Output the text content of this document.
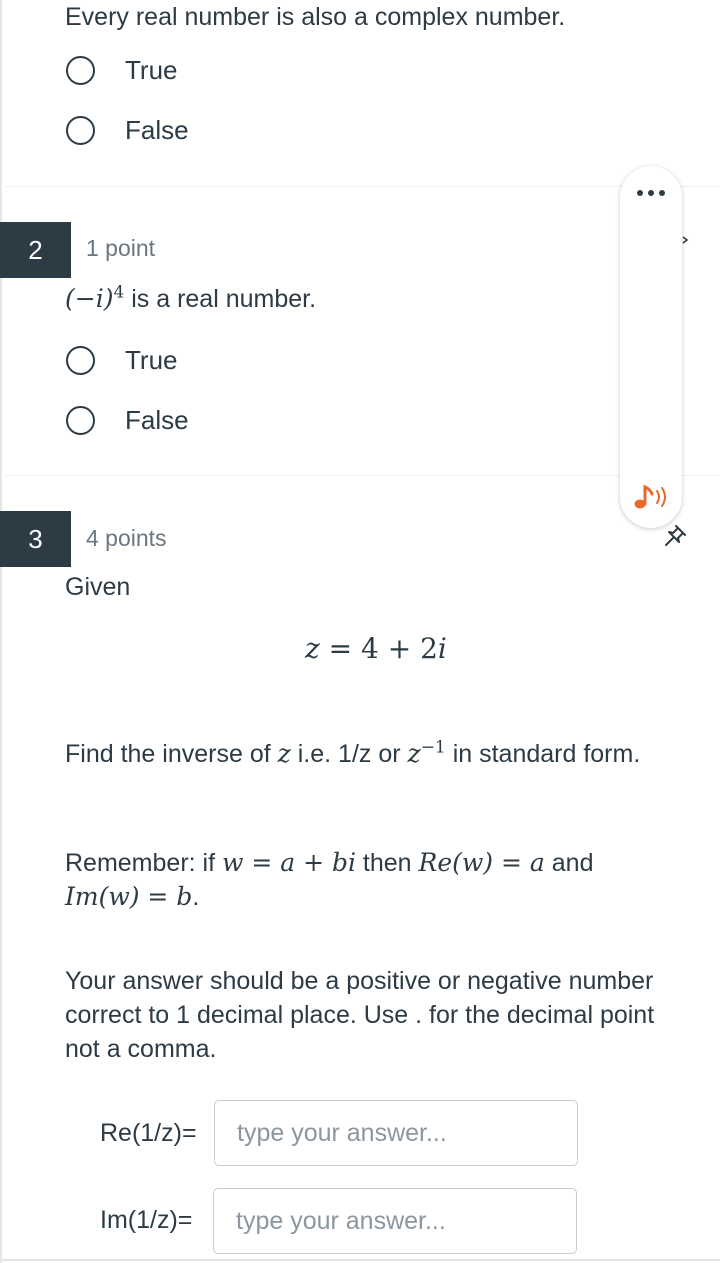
Every real number is also a complex number.
True
False
2	1 point
$(-i)^4$ is a real number.
True
False
3	4 points
Given
z = 4 + 2i
Find the inverse of z i.e. 1/z or $z^{-1}$ in standard form.
Remember: if w = a + bi then Re(w) = a and Im(w) = b.
Your answer should be a positive or negative number correct to 1 decimal place. Use . for the decimal point not a comma.
Re(1/z)=
type your answer...
Im(1/z)=
type your answer...
